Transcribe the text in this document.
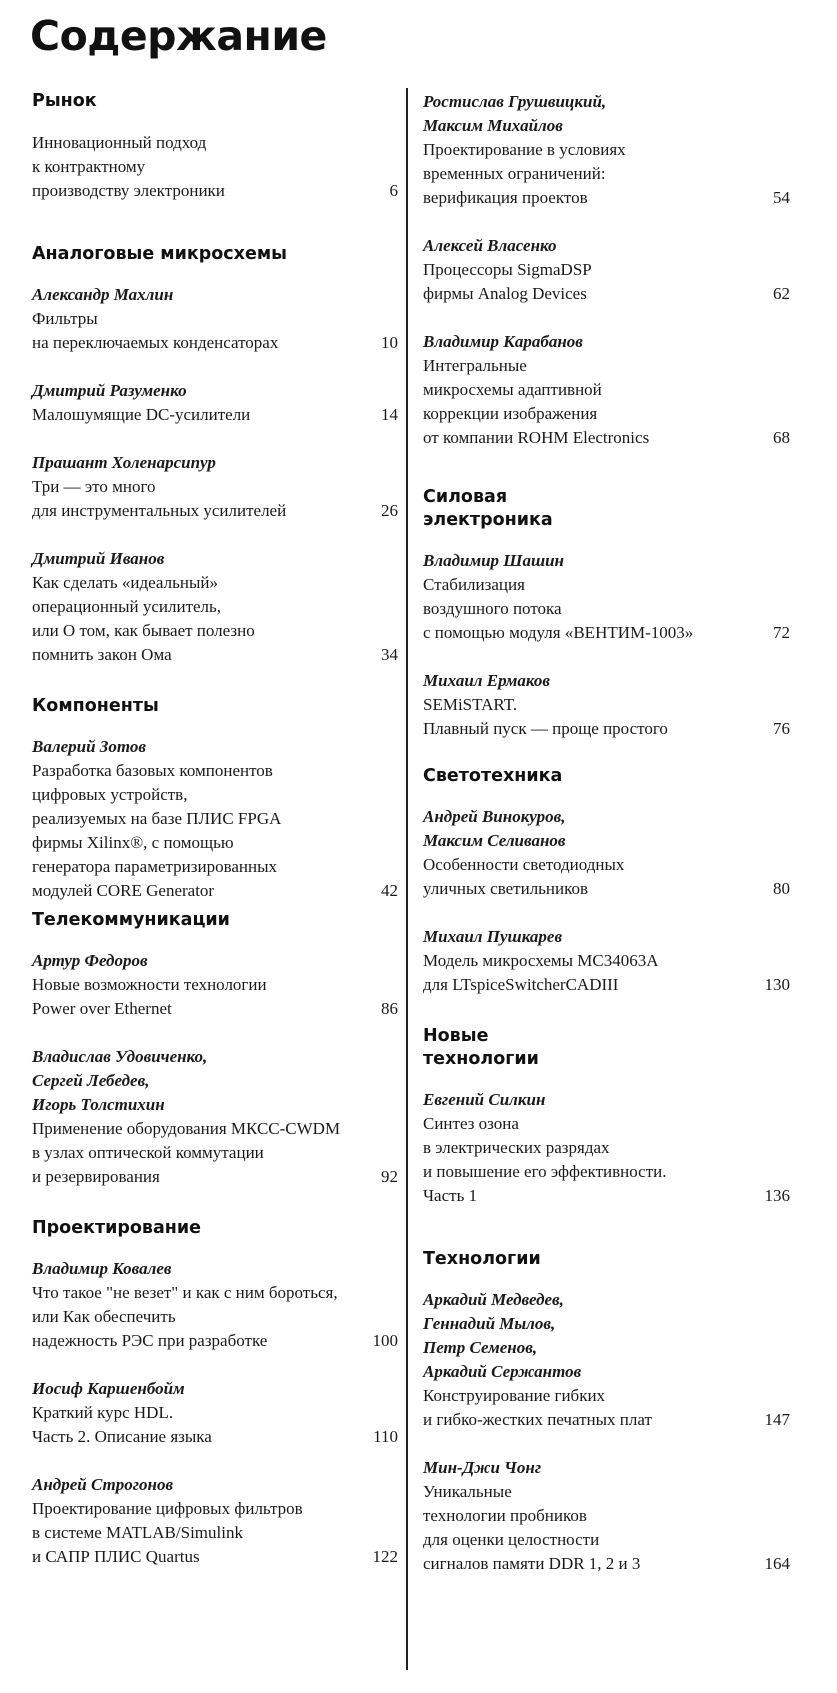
Содержание
Рынок
Инновационный подход
к контрактному
производству электроники	6
Аналоговые микросхемы
Александр Махлин
Фильтры
на переключаемых конденсаторах	10
Дмитрий Разуменко
Малошумящие DC-усилители	14
Прашант Холенарсипур
Три — это много
для инструментальных усилителей	26
Дмитрий Иванов
Как сделать «идеальный»
операционный усилитель,
или О том, как бывает полезно
помнить закон Ома	34
Компоненты
Валерий Зотов
Разработка базовых компонентов
цифровых устройств,
реализуемых на базе ПЛИС FPGA
фирмы Xilinx®, с помощью
генератора параметризированных
модулей CORE Generator	42
Телекоммуникации
Артур Федоров
Новые возможности технологии
Power over Ethernet	86
Владислав Удовиченко,
Сергей Лебедев,
Игорь Толстихин
Применение оборудования МКСС-CWDM
в узлах оптической коммутации
и резервирования	92
Проектирование
Владимир Ковалев
Что такое "не везет" и как с ним бороться,
или Как обеспечить
надежность РЭС при разработке	100
Иосиф Каршенбойм
Краткий курс HDL.
Часть 2. Описание языка	110
Андрей Строгонов
Проектирование цифровых фильтров
в системе MATLAB/Simulink
и САПР ПЛИС Quartus	122
Ростислав Грушвицкий,
Максим Михайлов
Проектирование в условиях
временных ограничений:
верификация проектов	54
Алексей Власенко
Процессоры SigmaDSP
фирмы Analog Devices	62
Владимир Карабанов
Интегральные
микросхемы адаптивной
коррекции изображения
от компании ROHM Electronics	68
Силовая
электроника
Владимир Шашин
Стабилизация
воздушного потока
с помощью модуля «ВЕНТИМ-1003»	72
Михаил Ермаков
SEMiSTART.
Плавный пуск — проще простого	76
Светотехника
Андрей Винокуров,
Максим Селиванов
Особенности светодиодных
уличных светильников	80
Михаил Пушкарев
Модель микросхемы MC34063A
для LTspiceSwitcherCADIII	130
Новые
технологии
Евгений Силкин
Синтез озона
в электрических разрядах
и повышение его эффективности.
Часть 1	136
Технологии
Аркадий Медведев,
Геннадий Мылов,
Петр Семенов,
Аркадий Сержантов
Конструирование гибких
и гибко-жестких печатных плат	147
Мин-Джи Чонг
Уникальные
технологии пробников
для оценки целостности
сигналов памяти DDR 1, 2 и 3	164
